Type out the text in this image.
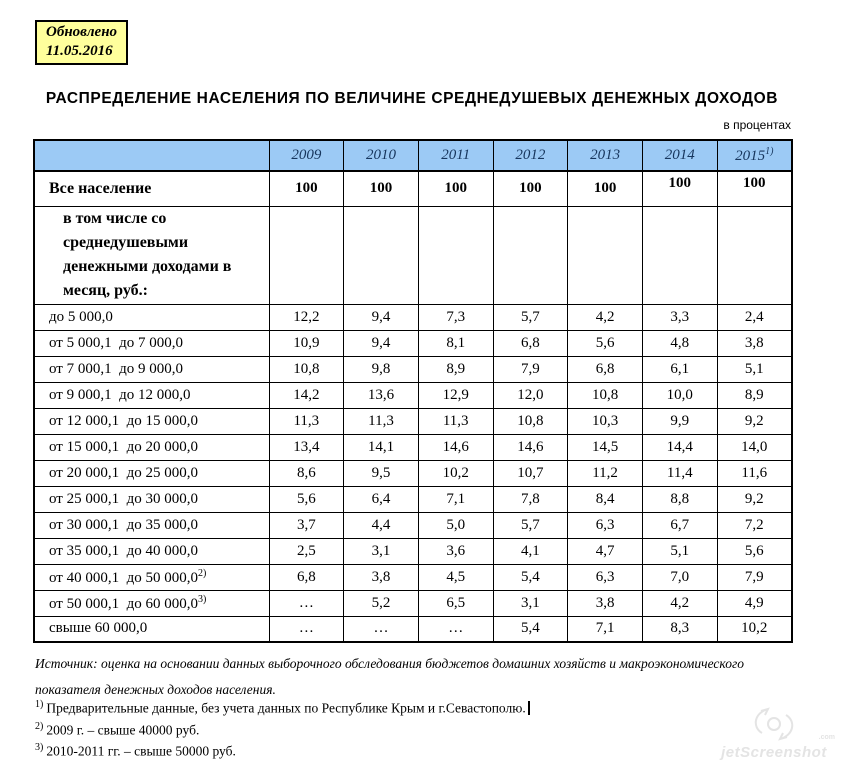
Обновлено
11.05.2016
РАСПРЕДЕЛЕНИЕ НАСЕЛЕНИЯ ПО ВЕЛИЧИНЕ СРЕДНЕДУШЕВЫХ ДЕНЕЖНЫХ ДОХОДОВ
в процентах
	2009	2010	2011	2012	2013	2014	2015$^{1)}$
Все население	100	100	100	100	100	100	100
в том числе со среднедушевыми денежными доходами в месяц, руб.:							
до 5 000,0	12,2	9,4	7,3	5,7	4,2	3,3	2,4
от 5 000,1  до 7 000,0	10,9	9,4	8,1	6,8	5,6	4,8	3,8
от 7 000,1  до 9 000,0	10,8	9,8	8,9	7,9	6,8	6,1	5,1
от 9 000,1  до 12 000,0	14,2	13,6	12,9	12,0	10,8	10,0	8,9
от 12 000,1  до 15 000,0	11,3	11,3	11,3	10,8	10,3	9,9	9,2
от 15 000,1  до 20 000,0	13,4	14,1	14,6	14,6	14,5	14,4	14,0
от 20 000,1  до 25 000,0	8,6	9,5	10,2	10,7	11,2	11,4	11,6
от 25 000,1  до 30 000,0	5,6	6,4	7,1	7,8	8,4	8,8	9,2
от 30 000,1  до 35 000,0	3,7	4,4	5,0	5,7	6,3	6,7	7,2
от 35 000,1  до 40 000,0	2,5	3,1	3,6	4,1	4,7	5,1	5,6
от 40 000,1  до 50 000,0$^{2)}$	6,8	3,8	4,5	5,4	6,3	7,0	7,9
от 50 000,1  до 60 000,0$^{3)}$	…	5,2	6,5	3,1	3,8	4,2	4,9
свыше 60 000,0	…	…	…	5,4	7,1	8,3	10,2
Источник: оценка на основании данных выборочного обследования бюджетов домашних хозяйств и макроэкономического
показателя денежных доходов населения.
$^{1)}$ Предварительные данные, без учета данных по Республике Крым и г.Севастополю.
$^{2)}$ 2009 г. – свыше 40000 руб.
$^{3)}$ 2010-2011 гг. – свыше 50000 руб.	jetScreenshot
.com
